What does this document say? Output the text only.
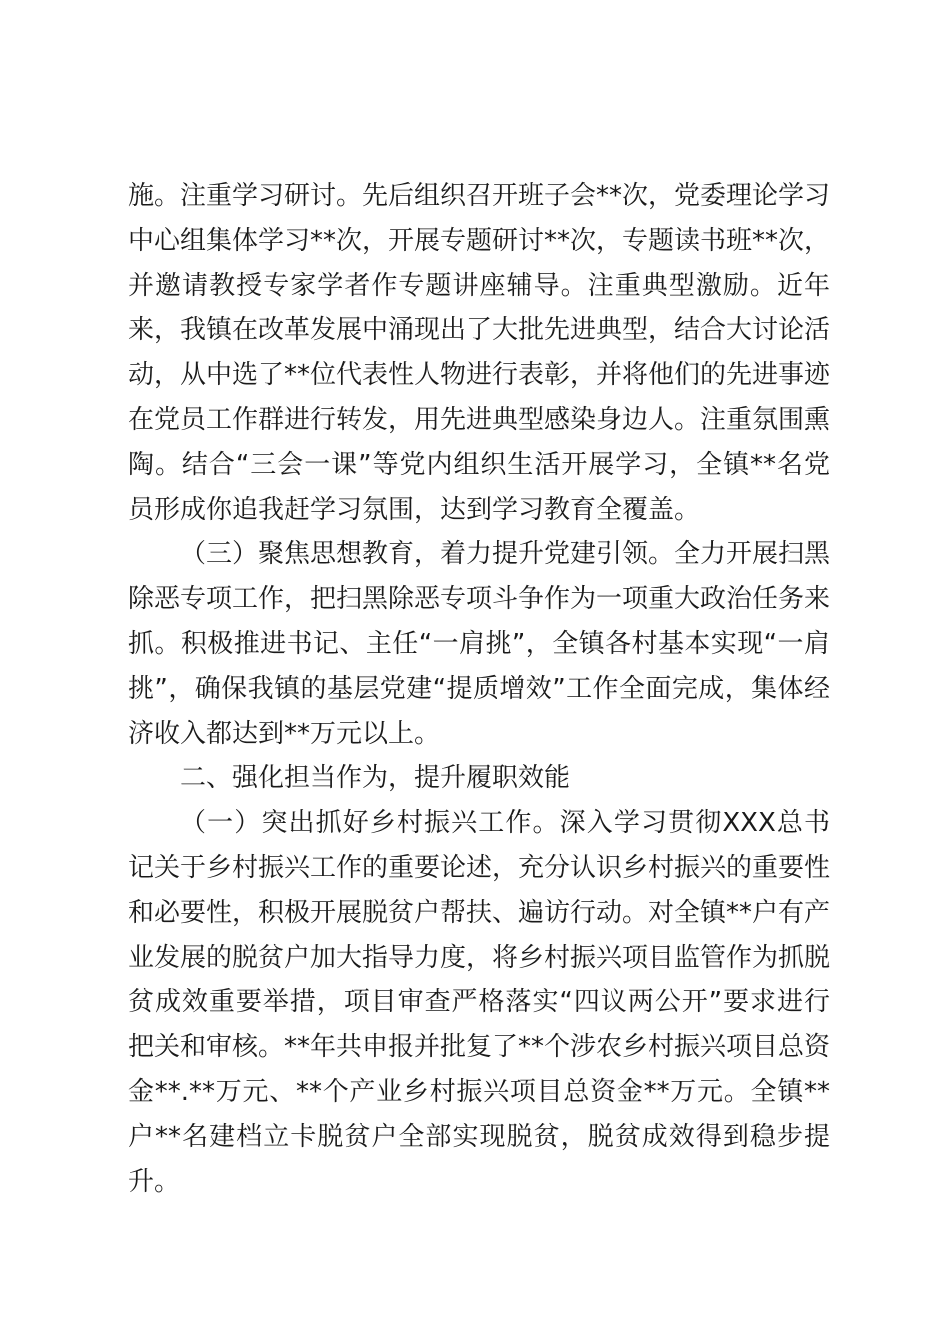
施。注重学习研讨。先后组织召开班子会**次，党委理论学习中心组集体学习**次，开展专题研讨**次，专题读书班**次，并邀请教授专家学者作专题讲座辅导。注重典型激励。近年来，我镇在改革发展中涌现出了大批先进典型，结合大讨论活动，从中选了**位代表性人物进行表彰，并将他们的先进事迹在党员工作群进行转发，用先进典型感染身边人。注重氛围熏陶。结合“三会一课”等党内组织生活开展学习，全镇**名党员形成你追我赶学习氛围，达到学习教育全覆盖。

（三）聚焦思想教育，着力提升党建引领。全力开展扫黑除恶专项工作，把扫黑除恶专项斗争作为一项重大政治任务来抓。积极推进书记、主任“一肩挑”，全镇各村基本实现“一肩挑”，确保我镇的基层党建“提质增效”工作全面完成，集体经济收入都达到**万元以上。

二、强化担当作为，提升履职效能

（一）突出抓好乡村振兴工作。深入学习贯彻XXX总书记关于乡村振兴工作的重要论述，充分认识乡村振兴的重要性和必要性，积极开展脱贫户帮扶、遍访行动。对全镇**户有产业发展的脱贫户加大指导力度，将乡村振兴项目监管作为抓脱贫成效重要举措，项目审查严格落实“四议两公开”要求进行把关和审核。**年共申报并批复了**个涉农乡村振兴项目总资金**.**万元、**个产业乡村振兴项目总资金**万元。全镇**户**名建档立卡脱贫户全部实现脱贫，脱贫成效得到稳步提升。
